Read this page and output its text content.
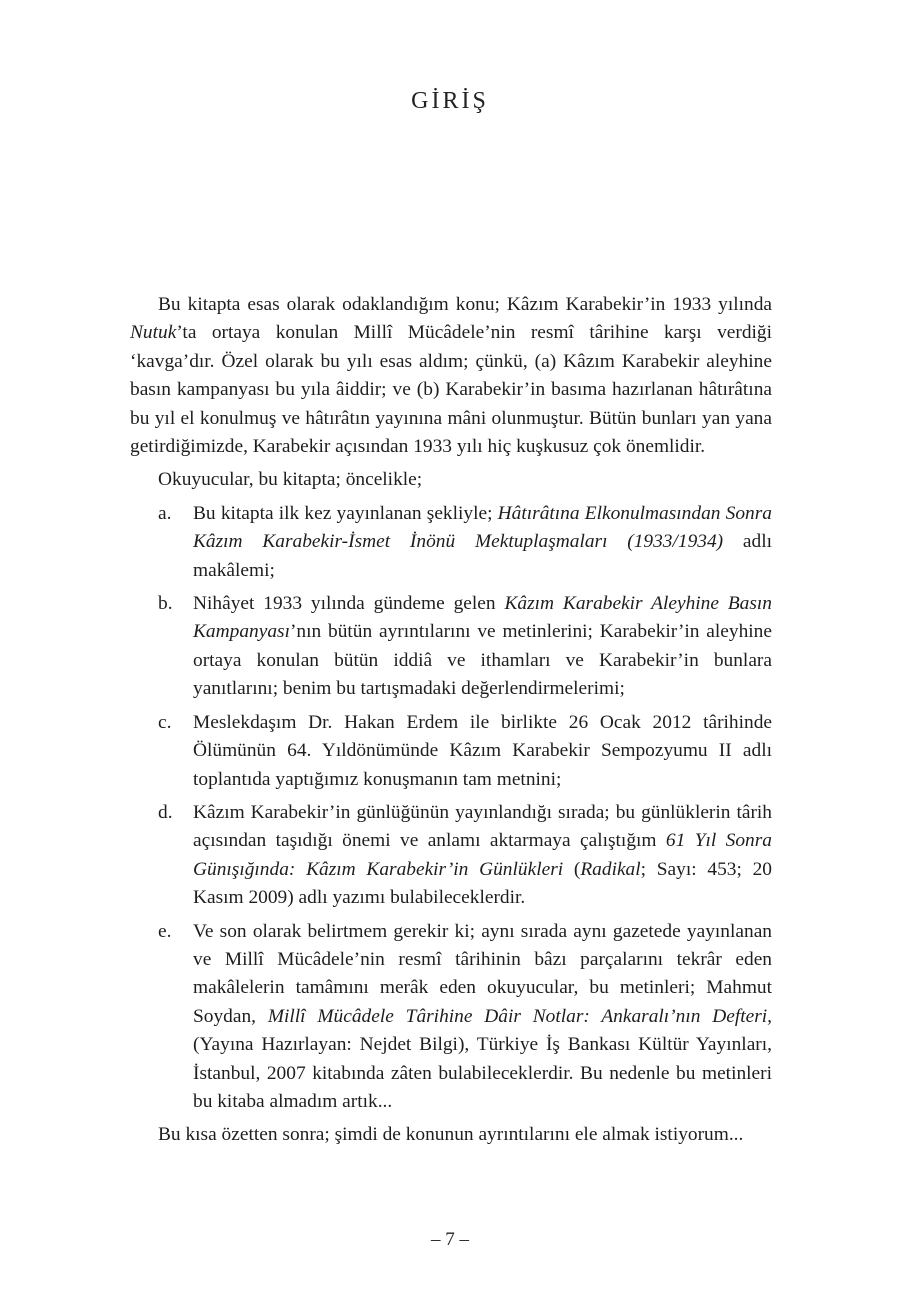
GİRİŞ

Bu kitapta esas olarak odaklandığım konu; Kâzım Karabekir’in 1933 yılında Nutuk’ta ortaya konulan Millî Mücâdele’nin resmî târihine karşı verdiği ‘kavga’dır. Özel olarak bu yılı esas aldım; çünkü, (a) Kâzım Karabekir aleyhine basın kampanyası bu yıla âiddir; ve (b) Karabekir’in basıma hazırlanan hâtırâtına bu yıl el konulmuş ve hâtırâtın yayınına mâni olunmuştur. Bütün bunları yan yana getirdiğimizde, Karabekir açısından 1933 yılı hiç kuşkusuz çok önemlidir.

Okuyucular, bu kitapta; öncelikle;

a. Bu kitapta ilk kez yayınlanan şekliyle; Hâtırâtına Elkonulmasından Sonra Kâzım Karabekir-İsmet İnönü Mektuplaşmaları (1933/1934) adlı makâlemi;
b. Nihâyet 1933 yılında gündeme gelen Kâzım Karabekir Aleyhine Basın Kampanyası’nın bütün ayrıntılarını ve metinlerini; Karabekir’in aleyhine ortaya konulan bütün iddiâ ve ithamları ve Karabekir’in bunlara yanıtlarını; benim bu tartışmadaki değerlendirmelerimi;
c. Meslekdaşım Dr. Hakan Erdem ile birlikte 26 Ocak 2012 târihinde Ölümünün 64. Yıldönümünde Kâzım Karabekir Sempozyumu II adlı toplantıda yaptığımız konuşmanın tam metnini;
d. Kâzım Karabekir’in günlüğünün yayınlandığı sırada; bu günlüklerin târih açısından taşıdığı önemi ve anlamı aktarmaya çalıştığım 61 Yıl Sonra Günışığında: Kâzım Karabekir’in Günlükleri (Radikal; Sayı: 453; 20 Kasım 2009) adlı yazımı bulabileceklerdir.
e. Ve son olarak belirtmem gerekir ki; aynı sırada aynı gazetede yayınlanan ve Millî Mücâdele’nin resmî târihinin bâzı parçalarını tekrâr eden makâlelerin tamâmını merâk eden okuyucular, bu metinleri; Mahmut Soydan, Millî Mücâdele Târihine Dâir Notlar: Ankaralı’nın Defteri, (Yayına Hazırlayan: Nejdet Bilgi), Türkiye İş Bankası Kültür Yayınları, İstanbul, 2007 kitabında zâten bulabileceklerdir. Bu nedenle bu metinleri bu kitaba almadım artık...

Bu kısa özetten sonra; şimdi de konunun ayrıntılarını ele almak istiyorum...

– 7 –
